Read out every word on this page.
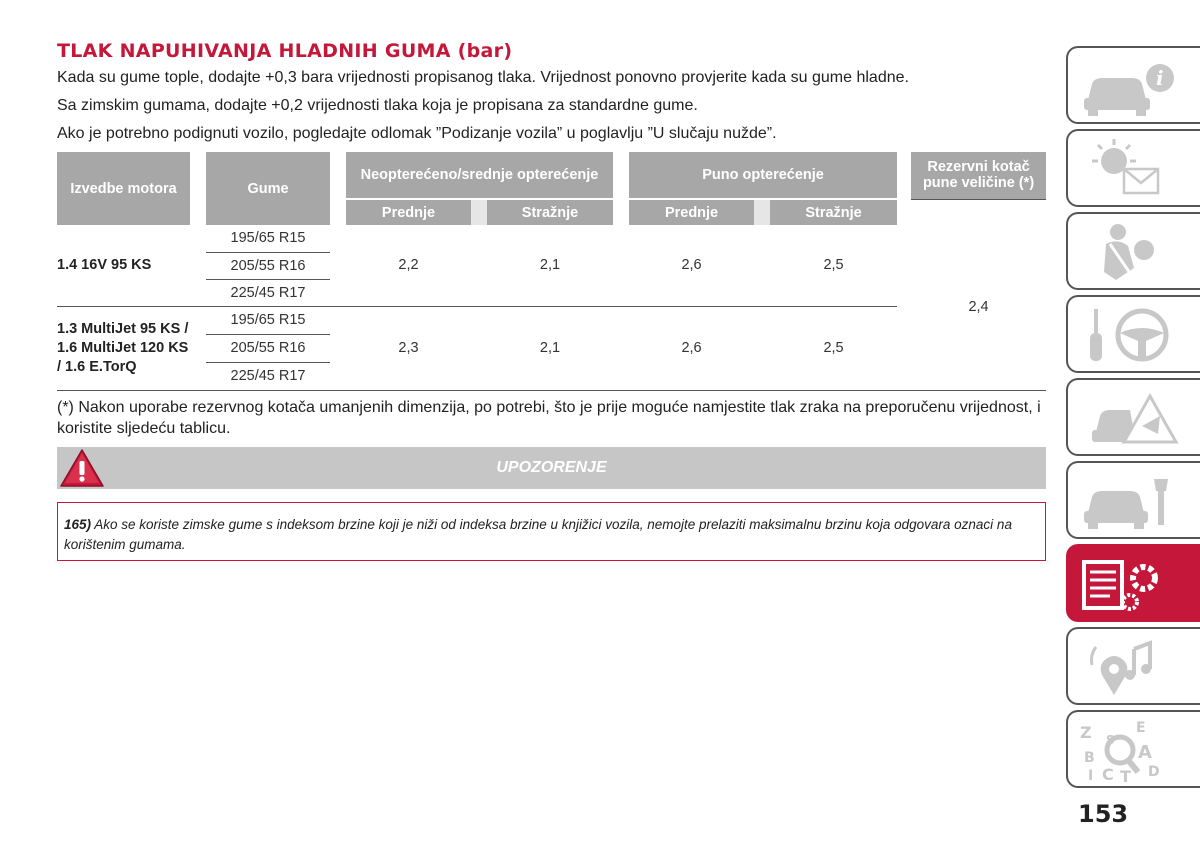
TLAK NAPUHIVANJA HLADNIH GUMA (bar)
Kada su gume tople, dodajte +0,3 bara vrijednosti propisanog tlaka. Vrijednost ponovno provjerite kada su gume hladne.
Sa zimskim gumama, dodajte +0,2 vrijednosti tlaka koja je propisana za standardne gume.
Ako je potrebno podignuti vozilo, pogledajte odlomak ”Podizanje vozila” u poglavlju ”U slučaju nužde”.
Izvedbe motora		Gume		Neopterećeno/srednje opterećenje				Puno opterećenje				Rezervni kotač pune veličine (*)
				Prednje		Stražnje		Prednje		Stražnje		
1.4 16V 95 KS		195/65 R15		2,2		2,1		2,6		2,5		2,4
		205/55 R16										
		225/45 R17										
1.3 MultiJet 95 KS / 1.6 MultiJet 120 KS / 1.6 E.TorQ		195/65 R15		2,3		2,1		2,6		2,5		
		205/55 R16										
		225/45 R17										
(*) Nakon uporabe rezervnog kotača umanjenih dimenzija, po potrebi, što je prije moguće namjestite tlak zraka na preporučenu vrijednost, i koristite sljedeću tablicu.
UPOZORENJE
165) Ako se koriste zimske gume s indeksom brzine koji je niži od indeksa brzine u knjižici vozila, nemojte prelaziti maksimalnu brzinu koja odgovara oznaci na korištenim gumama.
i
Z	E
B A
C T D
I
S
153
